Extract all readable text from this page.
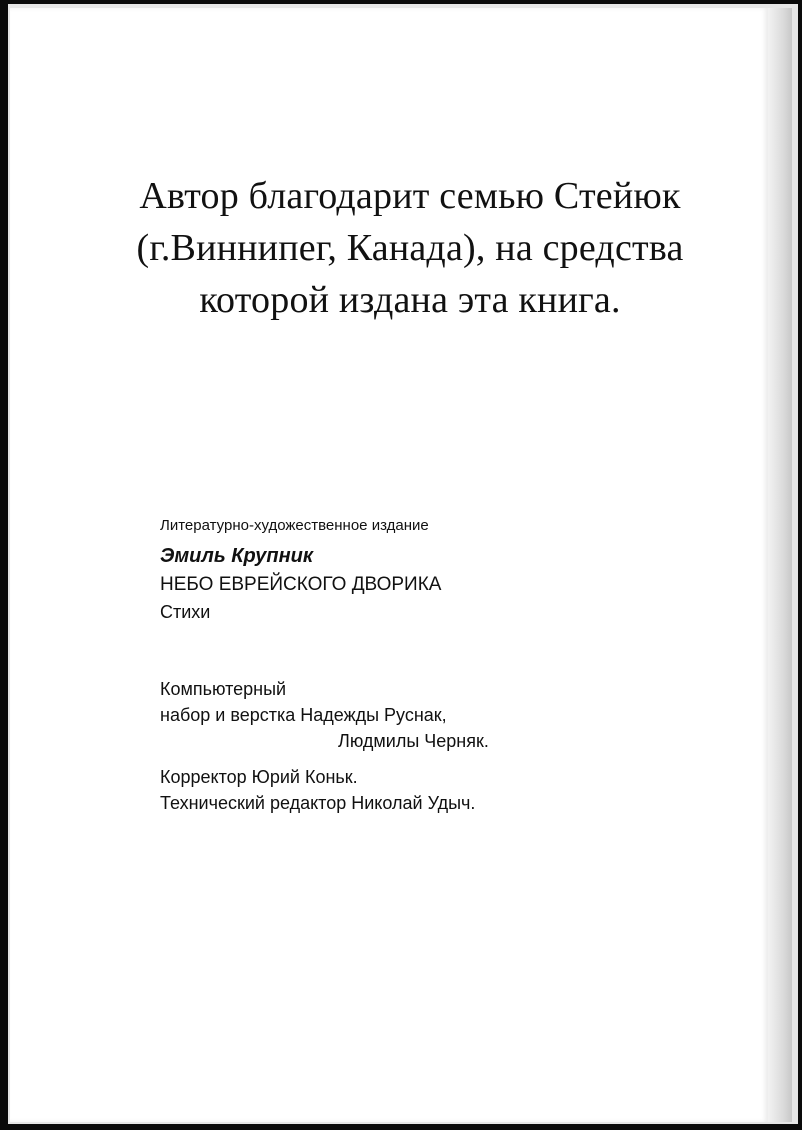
Автор благодарит семью Стейюк
(г.Виннипег, Канада), на средства
которой издана эта книга.
Литературно-художественное издание
Эмиль Крупник
НЕБО ЕВРЕЙСКОГО ДВОРИКА
Стихи
Компьютерный
набор и верстка Надежды Руснак,
Людмилы Черняк.
Корректор Юрий Коньк.
Технический редактор Николай Удыч.
